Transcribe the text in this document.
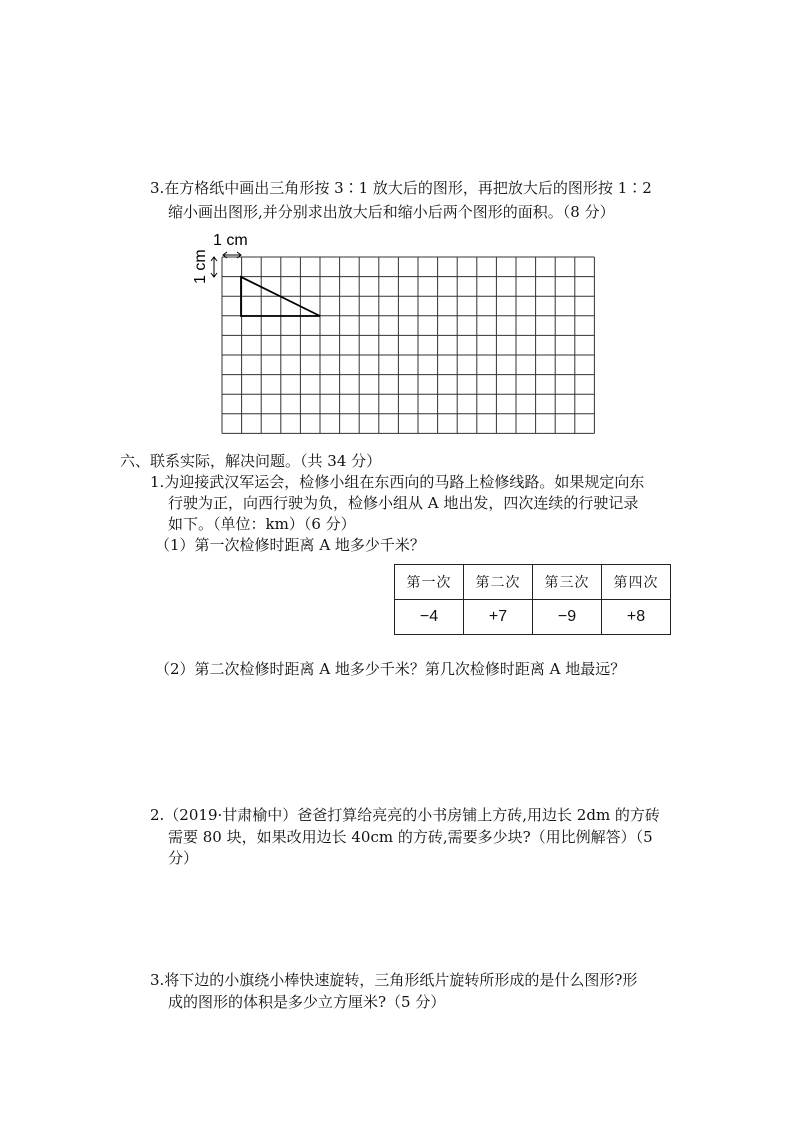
3.在方格纸中画出三角形按 3∶1 放大后的图形，再把放大后的图形按 1∶2
缩小画出图形,并分别求出放大后和缩小后两个图形的面积。（8 分）
1 cm
1 cm
六、联系实际，解决问题。（共 34 分）
1.为迎接武汉军运会，检修小组在东西向的马路上检修线路。如果规定向东
行驶为正，向西行驶为负，检修小组从 A 地出发，四次连续的行驶记录
如下。（单位：km）（6 分）
（1）第一次检修时距离 A 地多少千米？
第一次	第二次	第三次	第四次
−4	+7	−9	+8
（2）第二次检修时距离 A 地多少千米？第几次检修时距离 A 地最远？
2.（2019·甘肃榆中）爸爸打算给亮亮的小书房铺上方砖,用边长 2dm 的方砖
需要 80 块，如果改用边长 40cm 的方砖,需要多少块?（用比例解答）（5
分）
3.将下边的小旗绕小棒快速旋转，三角形纸片旋转所形成的是什么图形?形
成的图形的体积是多少立方厘米?（5 分）
